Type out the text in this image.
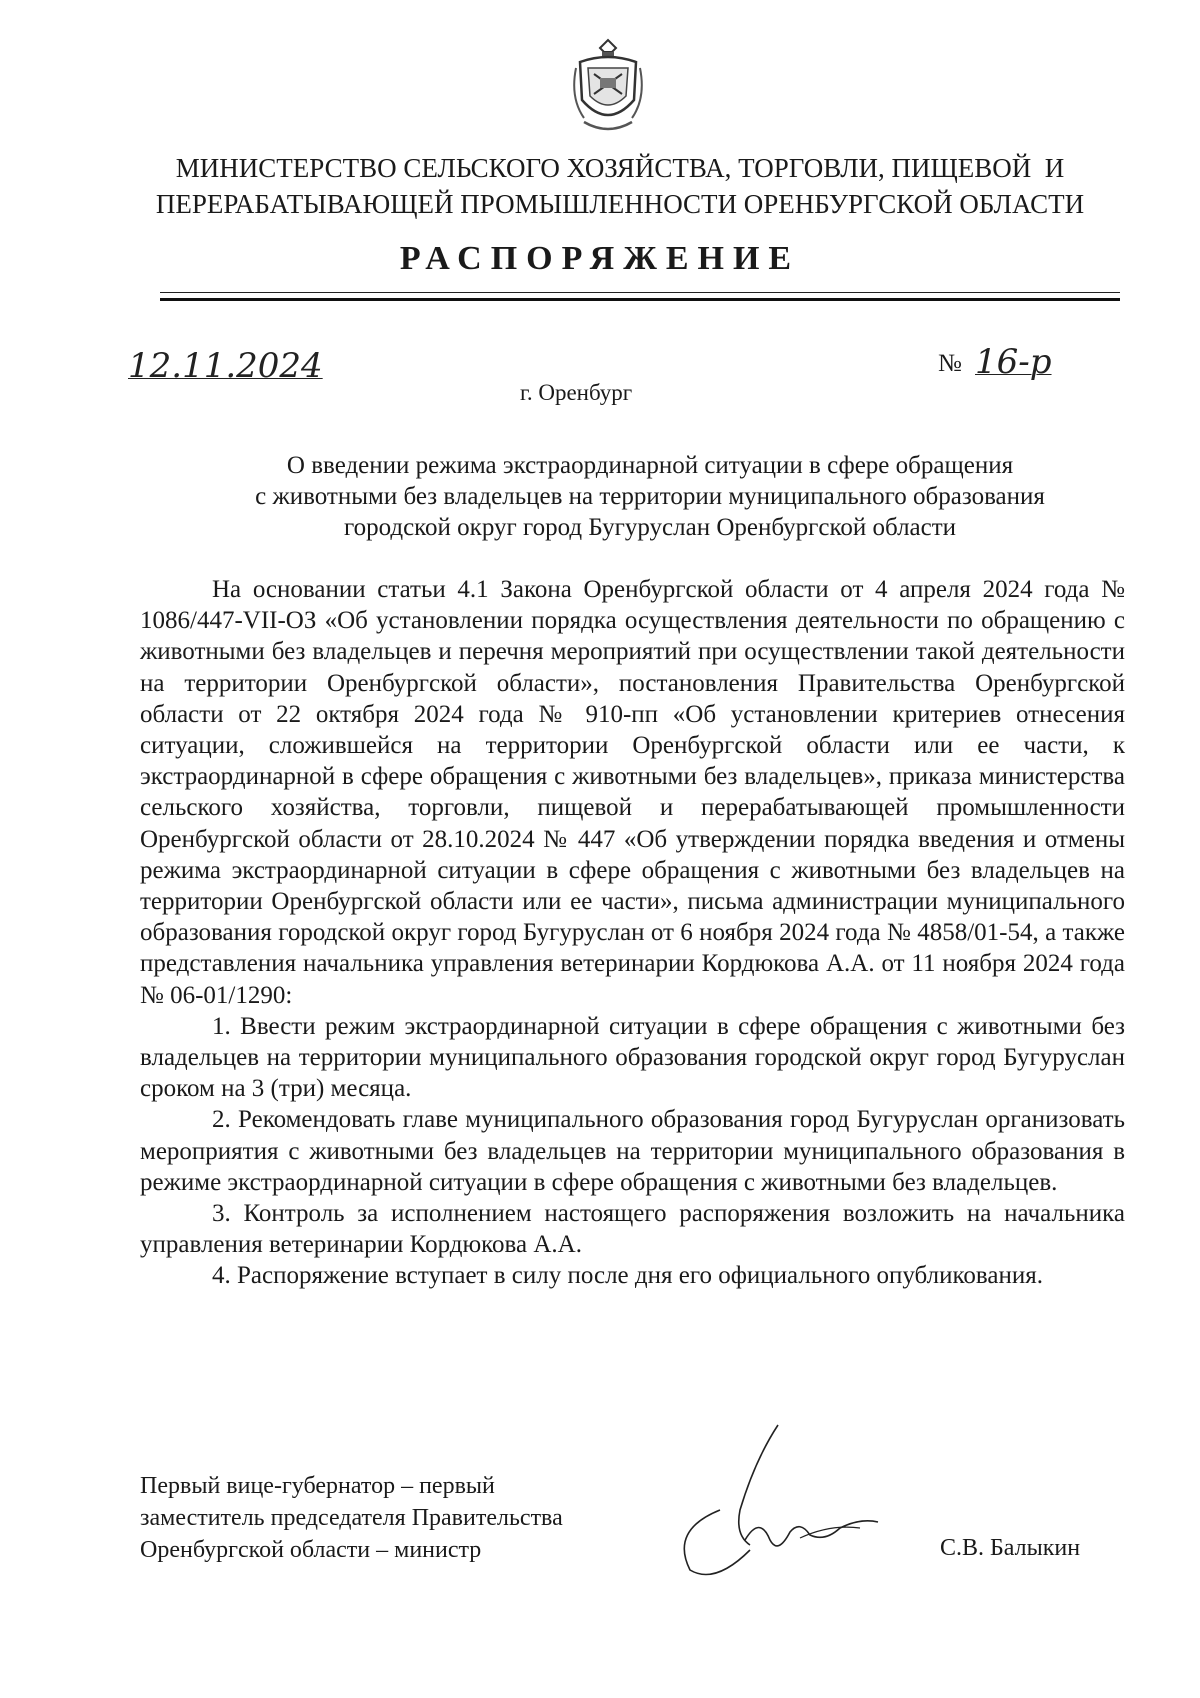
МИНИСТЕРСТВО СЕЛЬСКОГО ХОЗЯЙСТВА, ТОРГОВЛИ, ПИЩЕВОЙ  И
ПЕРЕРАБАТЫВАЮЩЕЙ ПРОМЫШЛЕННОСТИ ОРЕНБУРГСКОЙ ОБЛАСТИ
РАСПОРЯЖЕНИЕ
12.11.2024	№ 16-р
г. Оренбург
О введении режима экстраординарной ситуации в сфере обращения
с животными без владельцев на территории муниципального образования
городской округ город Бугуруслан Оренбургской области

На основании статьи 4.1 Закона Оренбургской области от 4 апреля 2024 года № 1086/447-VII-ОЗ «Об установлении порядка осуществления деятельности по обращению с животными без владельцев и перечня мероприятий при осуществлении такой деятельности на территории Оренбургской области», постановления Правительства Оренбургской области от 22 октября 2024 года № 910-пп «Об установлении критериев отнесения ситуации, сложившейся на территории Оренбургской области или ее части, к экстраординарной в сфере обращения с животными без владельцев», приказа министерства сельского хозяйства, торговли, пищевой и перерабатывающей промышленности Оренбургской области от 28.10.2024 № 447 «Об утверждении порядка введения и отмены режима экстраординарной ситуации в сфере обращения с животными без владельцев на территории Оренбургской области или ее части», письма администрации муниципального образования городской округ город Бугуруслан от 6 ноября 2024 года № 4858/01-54, а также представления начальника управления ветеринарии Кордюкова А.А. от 11 ноября 2024 года № 06-01/1290:

1. Ввести режим экстраординарной ситуации в сфере обращения с животными без владельцев на территории муниципального образования городской округ город Бугуруслан сроком на 3 (три) месяца.

2. Рекомендовать главе муниципального образования город Бугуруслан организовать мероприятия с животными без владельцев на территории муниципального образования в режиме экстраординарной ситуации в сфере обращения с животными без владельцев.

3. Контроль за исполнением настоящего распоряжения возложить на начальника управления ветеринарии Кордюкова А.А.

4. Распоряжение вступает в силу после дня его официального опубликования.

Первый вице-губернатор – первый
заместитель председателя Правительства
Оренбургской области – министр	С.В. Балыкин
